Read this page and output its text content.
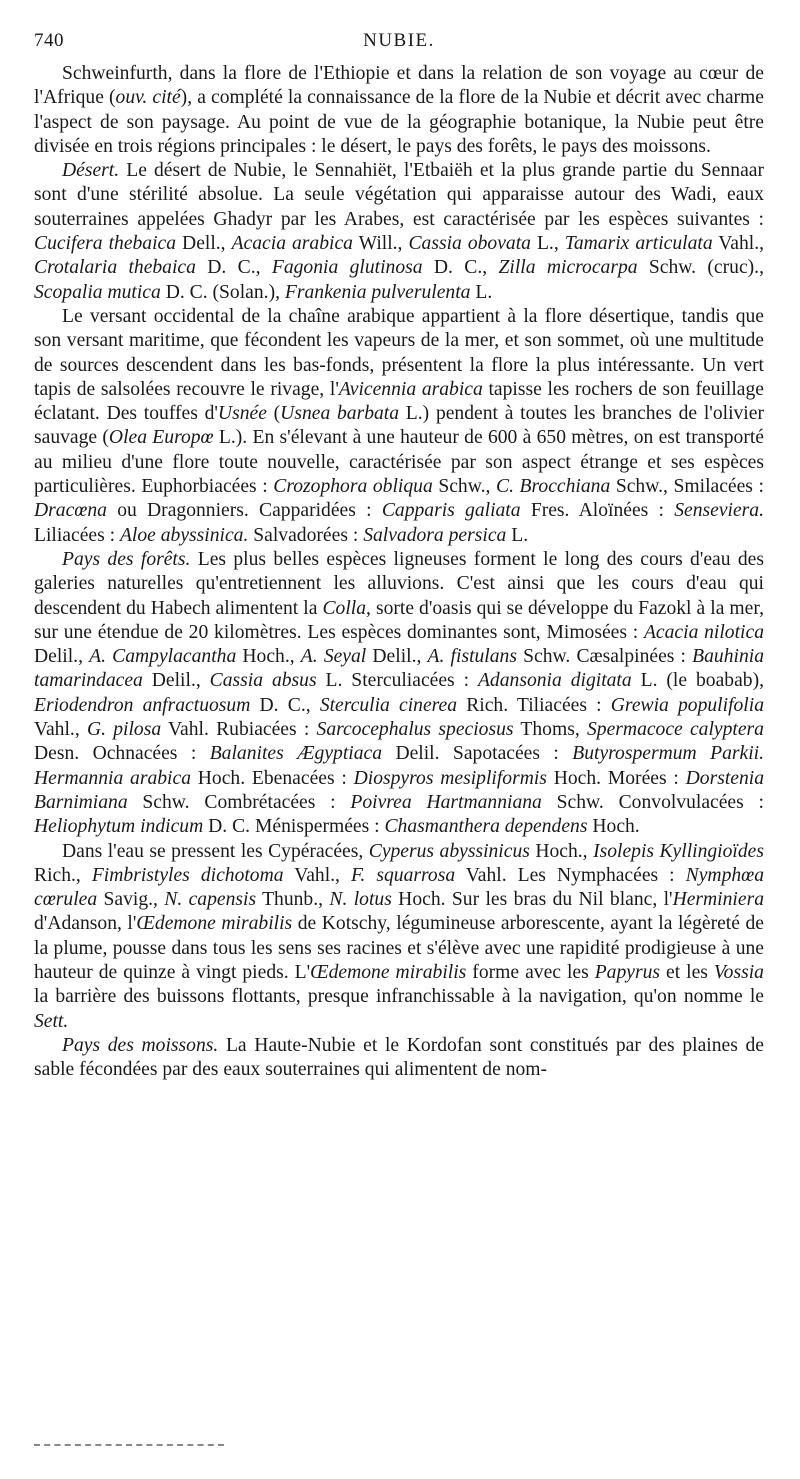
740	NUBIE.

Schweinfurth, dans la flore de l'Ethiopie et dans la relation de son voyage au cœur de l'Afrique (ouv. cité), a complété la connaissance de la flore de la Nubie et décrit avec charme l'aspect de son paysage. Au point de vue de la géographie botanique, la Nubie peut être divisée en trois régions principales : le désert, le pays des forêts, le pays des moissons.

Désert. Le désert de Nubie, le Sennahiët, l'Etbaiëh et la plus grande partie du Sennaar sont d'une stérilité absolue. La seule végétation qui apparaisse autour des Wadi, eaux souterraines appelées Ghadyr par les Arabes, est caractérisée par les espèces suivantes : Cucifera thebaica Dell., Acacia arabica Will., Cassia obovata L., Tamarix articulata Vahl., Crotalaria thebaica D. C., Fagonia glutinosa D. C., Zilla microcarpa Schw. (cruc)., Scopalia mutica D. C. (Solan.), Frankenia pulverulenta L.

Le versant occidental de la chaîne arabique appartient à la flore désertique, tandis que son versant maritime, que fécondent les vapeurs de la mer, et son sommet, où une multitude de sources descendent dans les bas-fonds, présentent la flore la plus intéressante. Un vert tapis de salsolées recouvre le rivage, l'Avicennia arabica tapisse les rochers de son feuillage éclatant. Des touffes d'Usnée (Usnea barbata L.) pendent à toutes les branches de l'olivier sauvage (Olea Europœ L.). En s'élevant à une hauteur de 600 à 650 mètres, on est transporté au milieu d'une flore toute nouvelle, caractérisée par son aspect étrange et ses espèces particulières. Euphorbiacées : Crozophora obliqua Schw., C. Brocchiana Schw., Smilacées : Dracœna ou Dragonniers. Capparidées : Capparis galiata Fres. Aloïnées : Senseviera. Liliacées : Aloe abyssinica. Salvadorées : Salvadora persica L.

Pays des forêts. Les plus belles espèces ligneuses forment le long des cours d'eau des galeries naturelles qu'entretiennent les alluvions. C'est ainsi que les cours d'eau qui descendent du Habech alimentent la Colla, sorte d'oasis qui se développe du Fazokl à la mer, sur une étendue de 20 kilomètres. Les espèces dominantes sont, Mimosées : Acacia nilotica Delil., A. Campylacantha Hoch., A. Seyal Delil., A. fistulans Schw. Cæsalpinées : Bauhinia tamarindacea Delil., Cassia absus L. Sterculiacées : Adansonia digitata L. (le boabab), Eriodendron anfractuosum D. C., Sterculia cinerea Rich. Tiliacées : Grewia populifolia Vahl., G. pilosa Vahl. Rubiacées : Sarcocephalus speciosus Thoms, Spermacoce calyptera Desn. Ochnacées : Balanites Ægyptiaca Delil. Sapotacées : Butyrospermum Parkii. Hermannia arabica Hoch. Ebenacées : Diospyros mesipliformis Hoch. Morées : Dorstenia Barnimiana Schw. Combrétacées : Poivrea Hartmanniana Schw. Convolvulacées : Heliophytum indicum D. C. Ménispermées : Chasmanthera dependens Hoch.

Dans l'eau se pressent les Cypéracées, Cyperus abyssinicus Hoch., Isolepis Kyllingioïdes Rich., Fimbristyles dichotoma Vahl., F. squarrosa Vahl. Les Nymphacées : Nymphœa cœrulea Savig., N. capensis Thunb., N. lotus Hoch. Sur les bras du Nil blanc, l'Herminiera d'Adanson, l'Œdemone mirabilis de Kotschy, légumineuse arborescente, ayant la légèreté de la plume, pousse dans tous les sens ses racines et s'élève avec une rapidité prodigieuse à une hauteur de quinze à vingt pieds. L'Œdemone mirabilis forme avec les Papyrus et les Vossia la barrière des buissons flottants, presque infranchissable à la navigation, qu'on nomme le Sett.

Pays des moissons. La Haute-Nubie et le Kordofan sont constitués par des plaines de sable fécondées par des eaux souterraines qui alimentent de nom-
